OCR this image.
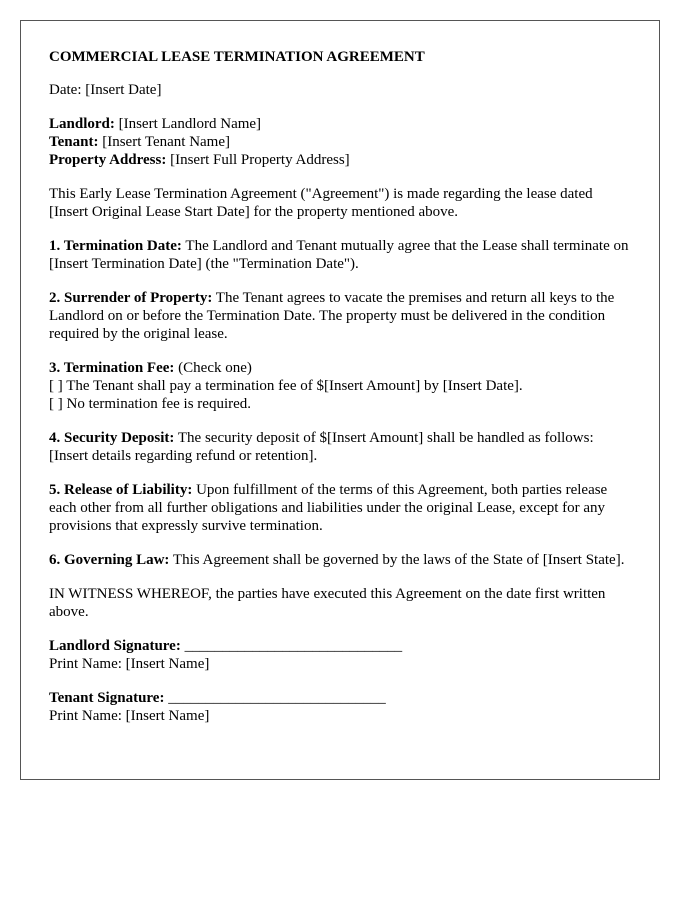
COMMERCIAL LEASE TERMINATION AGREEMENT

Date: [Insert Date]

Landlord: [Insert Landlord Name]
Tenant: [Insert Tenant Name]
Property Address: [Insert Full Property Address]

This Early Lease Termination Agreement ("Agreement") is made regarding the lease dated [Insert Original Lease Start Date] for the property mentioned above.

1. Termination Date: The Landlord and Tenant mutually agree that the Lease shall terminate on [Insert Termination Date] (the "Termination Date").

2. Surrender of Property: The Tenant agrees to vacate the premises and return all keys to the Landlord on or before the Termination Date. The property must be delivered in the condition required by the original lease.

3. Termination Fee: (Check one)
[ ] The Tenant shall pay a termination fee of $[Insert Amount] by [Insert Date].
[ ] No termination fee is required.

4. Security Deposit: The security deposit of $[Insert Amount] shall be handled as follows: [Insert details regarding refund or retention].

5. Release of Liability: Upon fulfillment of the terms of this Agreement, both parties release each other from all further obligations and liabilities under the original Lease, except for any provisions that expressly survive termination.

6. Governing Law: This Agreement shall be governed by the laws of the State of [Insert State].

IN WITNESS WHEREOF, the parties have executed this Agreement on the date first written above.

Landlord Signature: _____________________________
Print Name: [Insert Name]

Tenant Signature: _____________________________
Print Name: [Insert Name]
